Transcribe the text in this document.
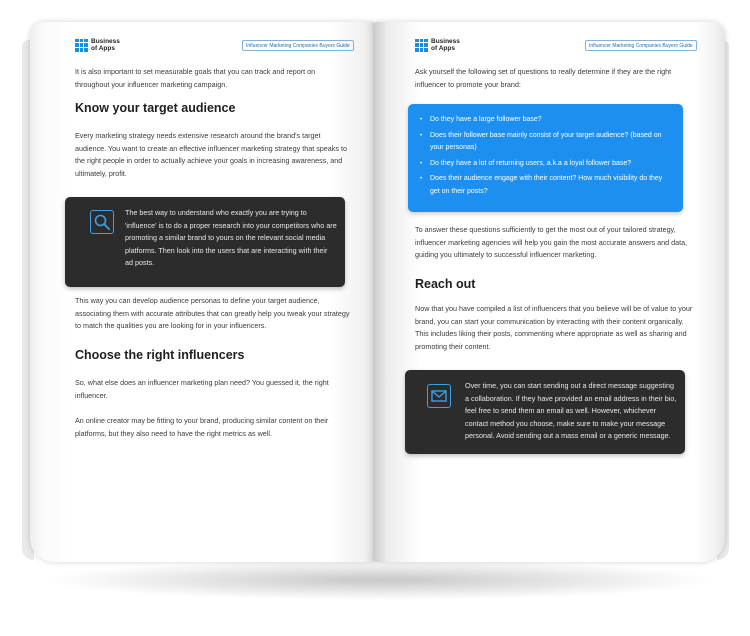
Business
of Apps	Influencer Marketing Companies Buyers Guide

It is also important to set measurable goals that you can track and report on throughout your influencer marketing campaign.

Know your target audience

Every marketing strategy needs extensive research around the brand's target audience. You want to create an effective influencer marketing strategy that speaks to the right people in order to actually achieve your goals in increasing awareness, and ultimately, profit.

The best way to understand who exactly you are trying to 'influence' is to do a proper research into your competitors who are promoting a similar brand to yours on the relevant social media platforms. Then look into the users that are interacting with their ad posts.

This way you can develop audience personas to define your target audience, associating them with accurate attributes that can greatly help you tweak your strategy to match the qualities you are looking for in your influencers.

Choose the right influencers

So, what else does an influencer marketing plan need? You guessed it, the right influencer.

An online creator may be fitting to your brand, producing similar content on their platforms, but they also need to have the right metrics as well.

Business
of Apps	Influencer Marketing Companies Buyers Guide

Ask yourself the following set of questions to really determine if they are the right influencer to promote your brand:

• Do they have a large follower base?
• Does their follower base mainly consist of your target audience? (based on your personas)
• Do they have a lot of returning users, a.k.a a loyal follower base?
• Does their audience engage with their content? How much visibility do they get on their posts?

To answer these questions sufficiently to get the most out of your tailored strategy, influencer marketing agencies will help you gain the most accurate answers and data, guiding you ultimately to successful influencer marketing.

Reach out

Now that you have compiled a list of influencers that you believe will be of value to your brand, you can start your communication by interacting with their content organically. This includes liking their posts, commenting where appropriate as well as sharing and promoting their content.

Over time, you can start sending out a direct message suggesting a collaboration. If they have provided an email address in their bio, feel free to send them an email as well. However, whichever contact method you choose, make sure to make your message personal. Avoid sending out a mass email or a generic message.
